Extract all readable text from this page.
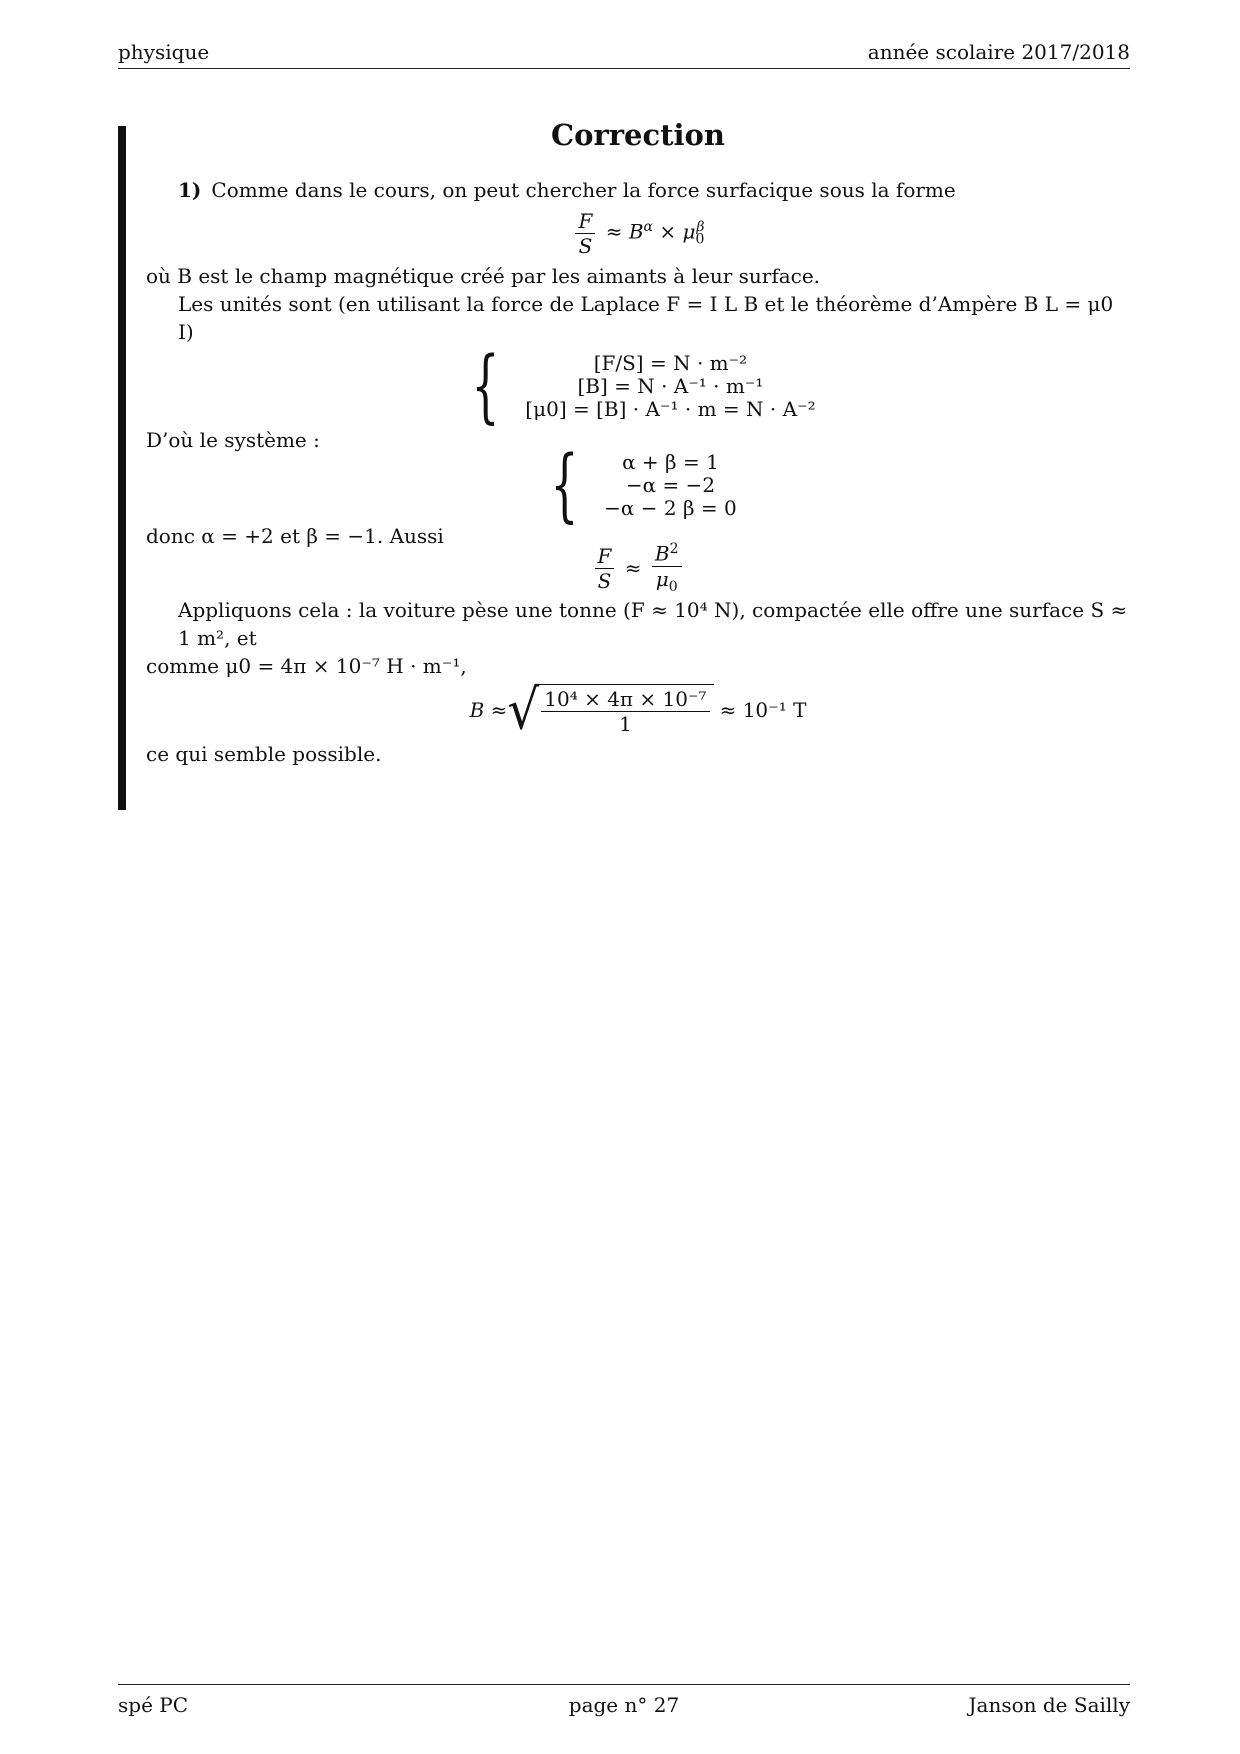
physique	année scolaire 2017/2018
Correction

1) Comme dans le cours, on peut chercher la force surfacique sous la forme

$\frac{F}{S} \approx B^\alpha \times \mu_0^\beta$

où B est le champ magnétique créé par les aimants à leur surface.

Les unités sont (en utilisant la force de Laplace F = I L B et le théorème d’Ampère B L = μ0 I)

{	[F/S] = N · m⁻²
[B] = N · A⁻¹ · m⁻¹
[μ0] = [B] · A⁻¹ · m = N · A⁻²

D’où le système :	{ α + β = 1
−α = −2
−α − 2 β = 0

donc α = +2 et β = −1. Aussi

$\frac{F}{S} \approx \frac{B^2}{\mu_0}$

Appliquons cela : la voiture pèse une tonne (F ≈ 10⁴ N), compactée elle offre une surface S ≈ 1 m², et

comme μ0 = 4π × 10⁻⁷ H · m⁻¹,

B ≈ √ $\frac{\text{10⁴ × 4π × 10⁻⁷}}{1} \approx 10^{-1}$ T

ce qui semble possible.

spé PC	page n° 27	Janson de Sailly
